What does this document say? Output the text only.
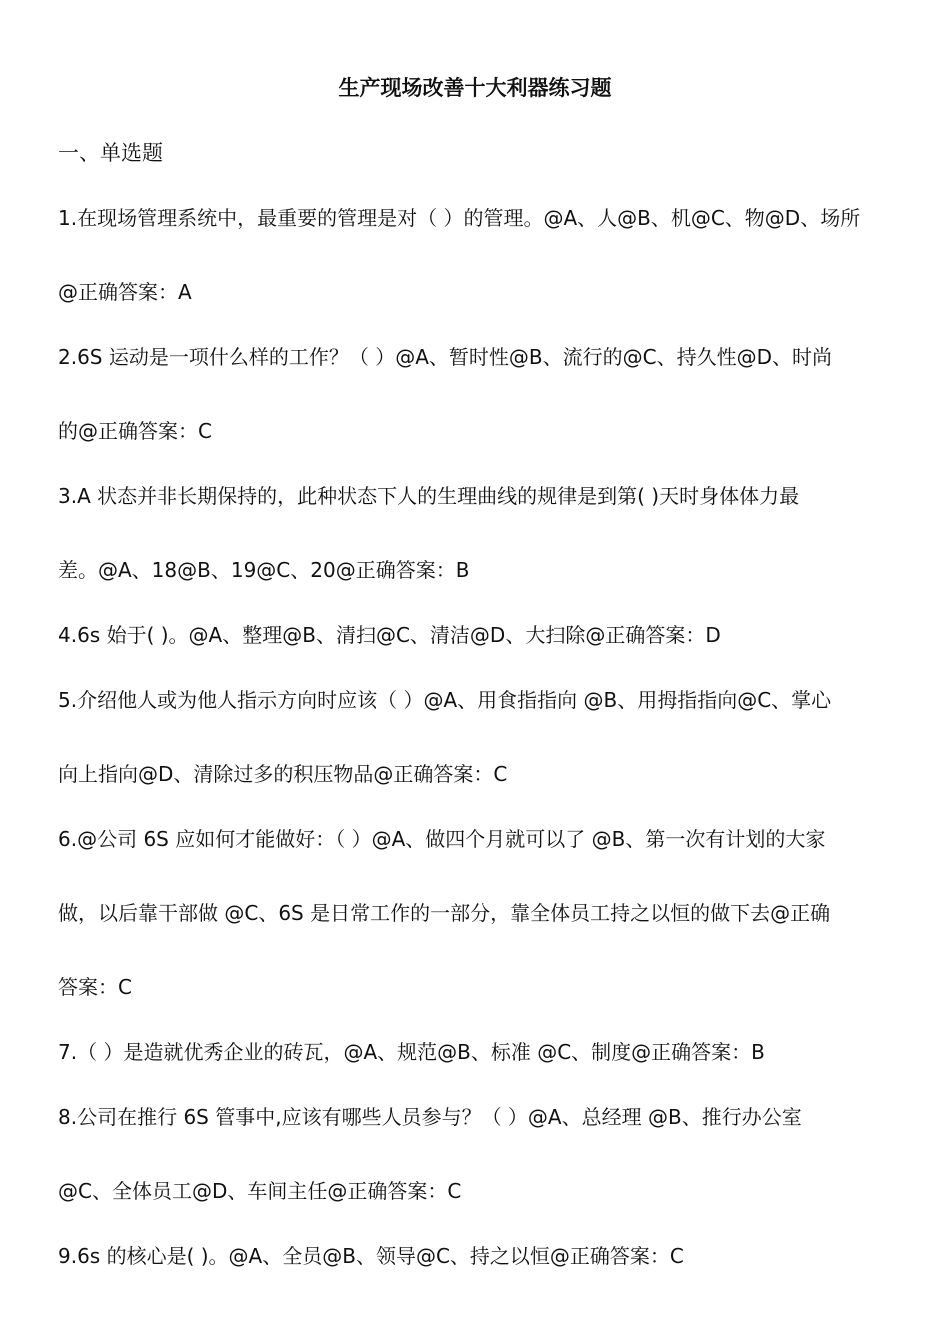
生产现场改善十大利器练习题
一、单选题
1.在现场管理系统中，最重要的管理是对（ ）的管理。@A、人@B、机@C、物@D、场所
@正确答案：A
2.6S 运动是一项什么样的工作？（ ）@A、暂时性@B、流行的@C、持久性@D、时尚
的@正确答案：C
3.A 状态并非长期保持的，此种状态下人的生理曲线的规律是到第( )天时身体体力最
差。@A、18@B、19@C、20@正确答案：B
4.6s 始于( )。@A、整理@B、清扫@C、清洁@D、大扫除@正确答案：D
5.介绍他人或为他人指示方向时应该（ ）@A、用食指指向 @B、用拇指指向@C、掌心
向上指向@D、清除过多的积压物品@正确答案：C
6.@公司 6S 应如何才能做好：（ ）@A、做四个月就可以了 @B、第一次有计划的大家
做，以后靠干部做 @C、6S 是日常工作的一部分，靠全体员工持之以恒的做下去@正确
答案：C
7.（ ）是造就优秀企业的砖瓦，@A、规范@B、标准 @C、制度@正确答案：B
8.公司在推行 6S 管事中,应该有哪些人员参与？（ ）@A、总经理 @B、推行办公室
@C、全体员工@D、车间主任@正确答案：C
9.6s 的核心是( )。@A、全员@B、领导@C、持之以恒@正确答案：C
